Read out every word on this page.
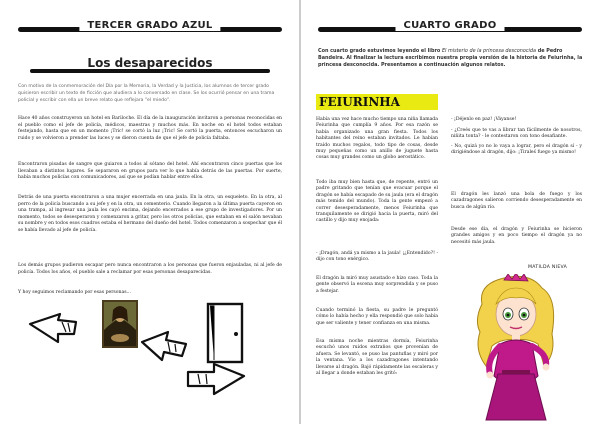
TERCER GRADO AZUL
Los desaparecidos
Con motivo de la conmemoración del Día por la Memoria, la Verdad y la Justicia, los alumnos de tercer grado quisieron escribir un texto de ficción que aludiera a lo conversado en clase. Se los ocurrió pensar en una trama policial y escribir con ella un breve relato que reflejara "el miedo".
Hace 40 años construyeron un hotel en Bariloche. El día de la inauguración invitaron a personas reconocidas en el pueblo como el jefe de policía, médicos, maestras y muchos más. En noche en el hotel todos estaban festejando, hasta que en un momento ¡Tric! se cortó la luz ¡Tric! Se cortó la puerta, entonces escucharon un ruido y se volvieron a prender las luces y se dieron cuenta de que el jefe de policía faltaba.
Encontraron pisadas de sangre que guiaron a todos al sótano del hotel. Ahí encontraron cinco puertas que los llevaban a distintos lugares. Se separaron en grupos para ver lo que había detrás de las puertas. Por suerte, había muchos policías con comunicadores, así que se podían hablar entre ellos.
Detrás de una puerta encontraron a una mujer encerrada en una jaula. En la otra, un esqueleto. En la otra, al perro de la policía buscando a su jefe y en la otra, un cementerio. Cuando llegaron a la última puerta cayeron en una trampa, al ingresar una jaula les cayó encima, dejando encerrados a ese grupo de investigadores. Por un momento, todos se desesperaron y comenzaron a gritar, pero los otros policías, que estaban en el salón nevaban su nombre y en todos esos cuadros estaba el hermano del dueño del hotel. Todos comenzaron a sospechar que él se había llevado al jefe de policía.
Los demás grupos pudieron escapar pero nunca encontraron a los personas que fueron enjauladas, ni al jefe de policía. Todos los años, el pueblo sale a reclamar por esas personas desaparecidas.
Y hoy seguimos reclamando por esas personas...
CUARTO GRADO
Con cuarto grado estuvimos leyendo el libro El misterio de la princesa desconocida de Pedro Bandeira. Al finalizar la lectura escribimos nuestra propia versión de la historia de Feiurinha, la princesa desconocida. Presentamos a continuación algunos relatos.
FEIURINHA
Había una vez hace mucho tiempo una niña llamada Feiurinha que cumplía 9 años. Por esa razón se había organizado una gran fiesta. Todos los habitantes del reino estaban invitados. Le habían traído muchos regalos, todo tipo de cosas, desde muy pequeñas como un anillo de juguete hasta cosas muy grandes como un globo aerostático.
Todo iba muy bien hasta que, de repente, entró un padre gritando que tenían que evacuar porque el dragón se había escapado de su jaula (era el dragón más temido del mundo). Toda la gente empezó a correr desesperadamente, menos Feiurinha que tranquilamente se dirigió hacia la puerta, miró del castillo y dijo muy enojada:
- ¡Dragón, andá ya mismo a la jaula! ¡¿Entendido?! - dijo con tono enérgico.
El dragón la miró muy asustado e hizo caso. Toda la gente observó la escena muy sorprendida y se puso a festejar.
Cuando terminó la fiesta, su padre le preguntó cómo lo había hecho y ella respondió que solo había que ser valiente y tener confianza en una misma.
Esa misma noche mientras dormía, Feiurinha escuchó unos ruidos extraños que provenían de afuera. Se levantó, se puso las pantuflas y miró por la ventana. Vio a los cazadragones intentando llevarse al dragón. Bajó rápidamente las escaleras y al llegar a donde estaban les gritó:
- ¡Déjenlo en paz! ¡Váyanse!
- ¿Creés que te vas a librar tan fácilmente de nosotros, niñita tonta? - le contestaron con tono desafiante.
- No, quizá yo no lo vaya a lograr, pero el dragón sí - y dirigiéndose al dragón, dijo: ¡Tiraleś fuego ya mismo!
El dragón les lanzó una bola de fuego y los cazadragones salieron corriendo desesperadamente en busca de algún río.
Desde ese día, el dragón y Feiurinha se hicieron grandes amigos y en poco tiempo el dragón ya no necesitó más jaula.
MATILDA NIEVA
